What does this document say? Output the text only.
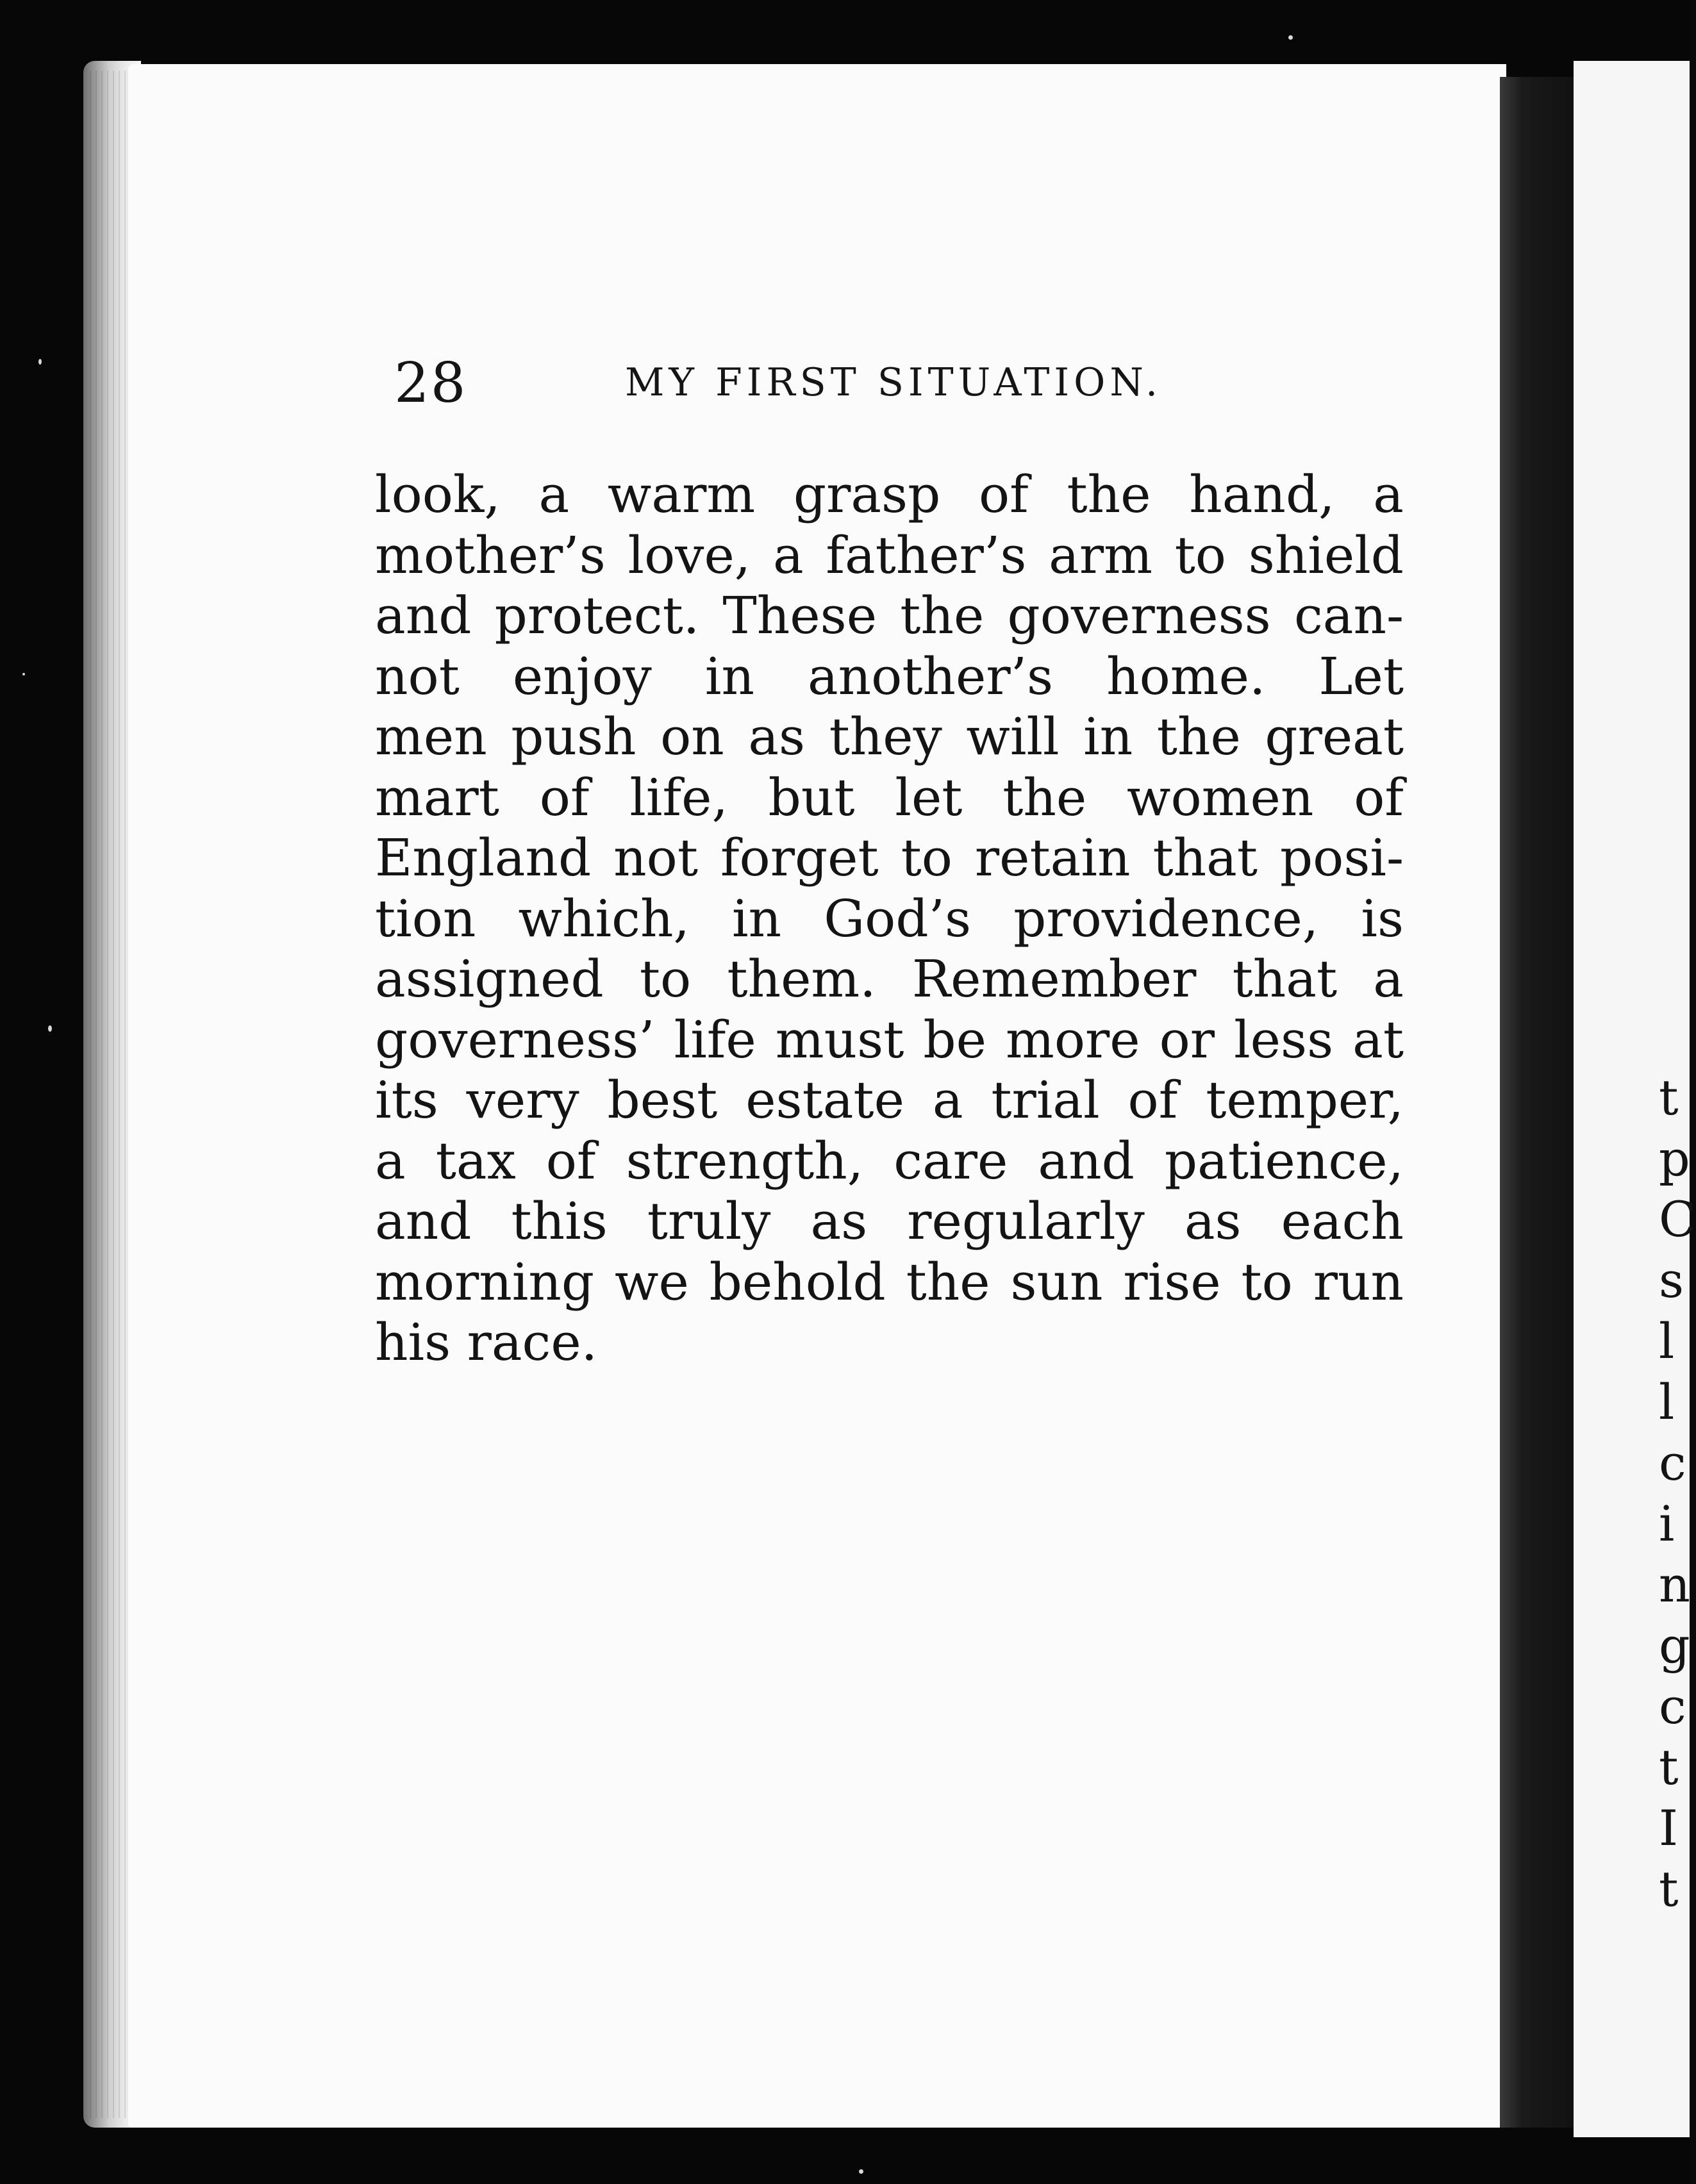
28	MY FIRST SITUATION.
look, a warm grasp of the hand, a
mother’s love, a father’s arm to shield
and protect. These the governess can-
not enjoy in another’s home. Let
men push on as they will in the great
mart of life, but let the women of
England not forget to retain that posi-
tion which, in God’s providence, is
assigned to them. Remember that a
governess’ life must be more or less at
its very best estate a trial of temper,
a tax of strength, care and patience,
and this truly as regularly as each
morning we behold the sun rise to run
his race.
t
p
C
s
l
l
c
i
n
g
c
t
I
t
